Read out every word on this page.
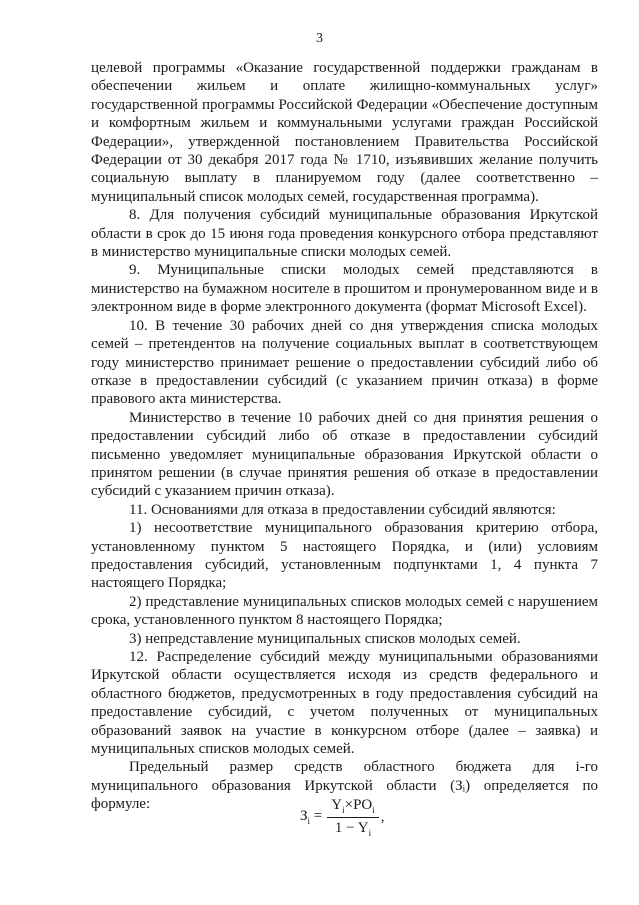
3

целевой программы «Оказание государственной поддержки гражданам в обеспечении жильем и оплате жилищно-коммунальных услуг» государственной программы Российской Федерации «Обеспечение доступным и комфортным жильем и коммунальными услугами граждан Российской Федерации», утвержденной постановлением Правительства Российской Федерации от 30 декабря 2017 года № 1710, изъявивших желание получить социальную выплату в планируемом году (далее соответственно – муниципальный список молодых семей, государственная программа).

8. Для получения субсидий муниципальные образования Иркутской области в срок до 15 июня года проведения конкурсного отбора представляют в министерство муниципальные списки молодых семей.

9. Муниципальные списки молодых семей представляются в министерство на бумажном носителе в прошитом и пронумерованном виде и в электронном виде в форме электронного документа (формат Microsoft Excel).

10. В течение 30 рабочих дней со дня утверждения списка молодых семей – претендентов на получение социальных выплат в соответствующем году министерство принимает решение о предоставлении субсидий либо об отказе в предоставлении субсидий (с указанием причин отказа) в форме правового акта министерства.

Министерство в течение 10 рабочих дней со дня принятия решения о предоставлении субсидий либо об отказе в предоставлении субсидий письменно уведомляет муниципальные образования Иркутской области о принятом решении (в случае принятия решения об отказе в предоставлении субсидий с указанием причин отказа).

11. Основаниями для отказа в предоставлении субсидий являются:

1) несоответствие муниципального образования критерию отбора, установленному пунктом 5 настоящего Порядка, и (или) условиям предоставления субсидий, установленным подпунктами 1, 4 пункта 7 настоящего Порядка;

2) представление муниципальных списков молодых семей с нарушением срока, установленного пунктом 8 настоящего Порядка;

3) непредставление муниципальных списков молодых семей.

12. Распределение субсидий между муниципальными образованиями Иркутской области осуществляется исходя из средств федерального и областного бюджетов, предусмотренных в году предоставления субсидий на предоставление субсидий, с учетом полученных от муниципальных образований заявок на участие в конкурсном отборе (далее – заявка) и муниципальных списков молодых семей.

Предельный размер средств областного бюджета для i-го муниципального образования Иркутской области (Зᵢ) определяется по формуле:

$З_i = \frac{Y_i\times PO_i}{1 - Y_i}$ ,
